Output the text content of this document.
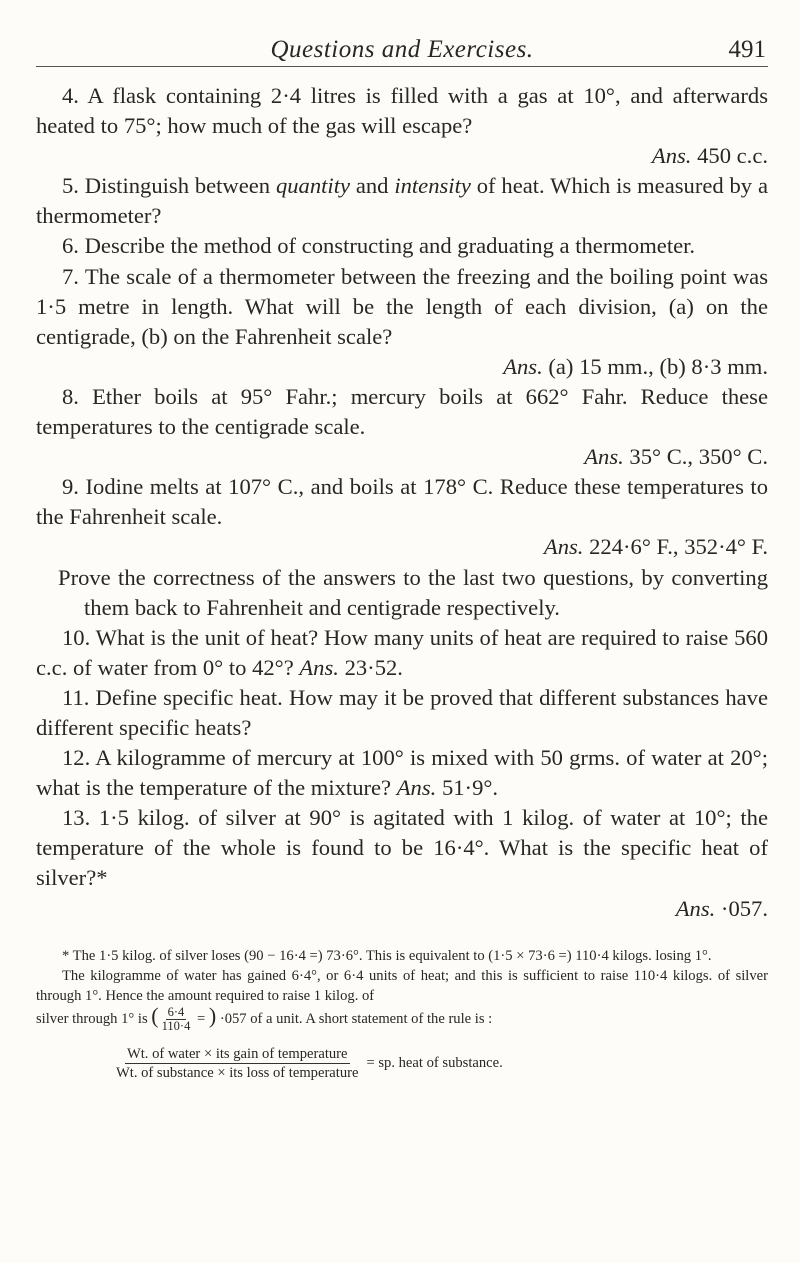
Questions and Exercises.	491

4. A flask containing 2·4 litres is filled with a gas at 10°, and afterwards heated to 75°; how much of the gas will escape?

Ans. 450 c.c.

5. Distinguish between quantity and intensity of heat. Which is measured by a thermometer?

6. Describe the method of constructing and graduating a thermometer.

7. The scale of a thermometer between the freezing and the boiling point was 1·5 metre in length. What will be the length of each division, (a) on the centigrade, (b) on the Fahrenheit scale?

Ans. (a) 15 mm., (b) 8·3 mm.

8. Ether boils at 95° Fahr.; mercury boils at 662° Fahr. Reduce these temperatures to the centigrade scale.

Ans. 35° C., 350° C.

9. Iodine melts at 107° C., and boils at 178° C. Reduce these temperatures to the Fahrenheit scale.

Ans. 224·6° F., 352·4° F.

Prove the correctness of the answers to the last two questions, by converting them back to Fahrenheit and centigrade respectively.

10. What is the unit of heat? How many units of heat are required to raise 560 c.c. of water from 0° to 42°? Ans. 23·52.

11. Define specific heat. How may it be proved that different substances have different specific heats?

12. A kilogramme of mercury at 100° is mixed with 50 grms. of water at 20°; what is the temperature of the mixture? Ans. 51·9°.

13. 1·5 kilog. of silver at 90° is agitated with 1 kilog. of water at 10°; the temperature of the whole is found to be 16·4°. What is the specific heat of silver?*

Ans. ·057.

* The 1·5 kilog. of silver loses (90 − 16·4 =) 73·6°. This is equivalent to (1·5 × 73·6 =) 110·4 kilogs. losing 1°.

The kilogramme of water has gained 6·4°, or 6·4 units of heat; and this is sufficient to raise 110·4 kilogs. of silver through 1°. Hence the amount required to raise 1 kilog. of

silver through 1° is ( $\frac{6\cdot 4}{110\cdot 4}$ = ) ·057 of a unit. A short statement of the rule is :

$\frac{\text{Wt. of water × its gain of temperature}}{\text{Wt. of substance × its loss of temperature}}$ = sp. heat of substance.
